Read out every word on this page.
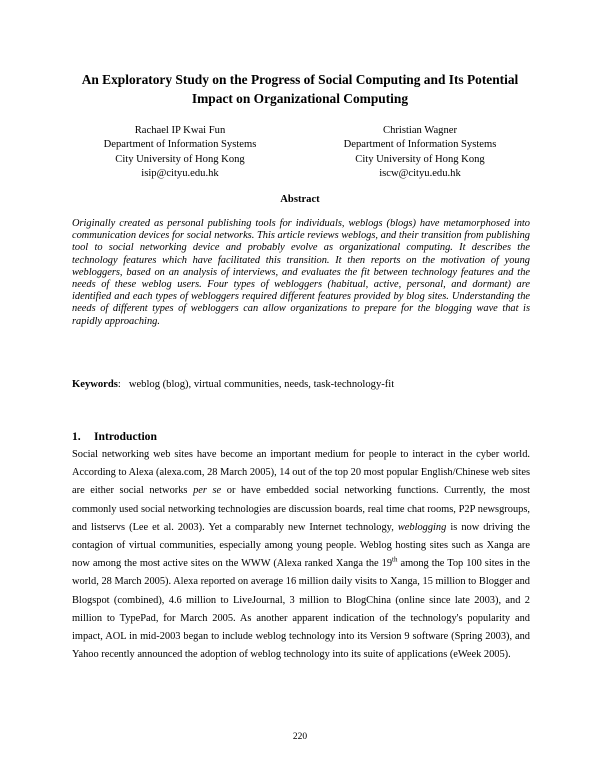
An Exploratory Study on the Progress of Social Computing and Its Potential Impact on Organizational Computing
Rachael IP Kwai Fun
Department of Information Systems
City University of Hong Kong
isip@cityu.edu.hk
Christian Wagner
Department of Information Systems
City University of Hong Kong
iscw@cityu.edu.hk
Abstract

Originally created as personal publishing tools for individuals, weblogs (blogs) have metamorphosed into communication devices for social networks. This article reviews weblogs, and their transition from publishing tool to social networking device and probably evolve as organizational computing. It describes the technology features which have facilitated this transition. It then reports on the motivation of young webloggers, based on an analysis of interviews, and evaluates the fit between technology features and the needs of these weblog users. Four types of webloggers (habitual, active, personal, and dormant) are identified and each types of webloggers required different features provided by blog sites. Understanding the needs of different types of webloggers can allow organizations to prepare for the blogging wave that is rapidly approaching.

Keywords: weblog (blog), virtual communities, needs, task-technology-fit
1. Introduction

Social networking web sites have become an important medium for people to interact in the cyber world. According to Alexa (alexa.com, 28 March 2005), 14 out of the top 20 most popular English/Chinese web sites are either social networks per se or have embedded social networking functions. Currently, the most commonly used social networking technologies are discussion boards, real time chat rooms, P2P newsgroups, and listservs (Lee et al. 2003). Yet a comparably new Internet technology, weblogging is now driving the contagion of virtual communities, especially among young people. Weblog hosting sites such as Xanga are now among the most active sites on the WWW (Alexa ranked Xanga the 19th among the Top 100 sites in the world, 28 March 2005). Alexa reported on average 16 million daily visits to Xanga, 15 million to Blogger and Blogspot (combined), 4.6 million to LiveJournal, 3 million to BlogChina (online since late 2003), and 2 million to TypePad, for March 2005. As another apparent indication of the technology's popularity and impact, AOL in mid-2003 began to include weblog technology into its Version 9 software (Spring 2003), and Yahoo recently announced the adoption of weblog technology into its suite of applications (eWeek 2005).

220
